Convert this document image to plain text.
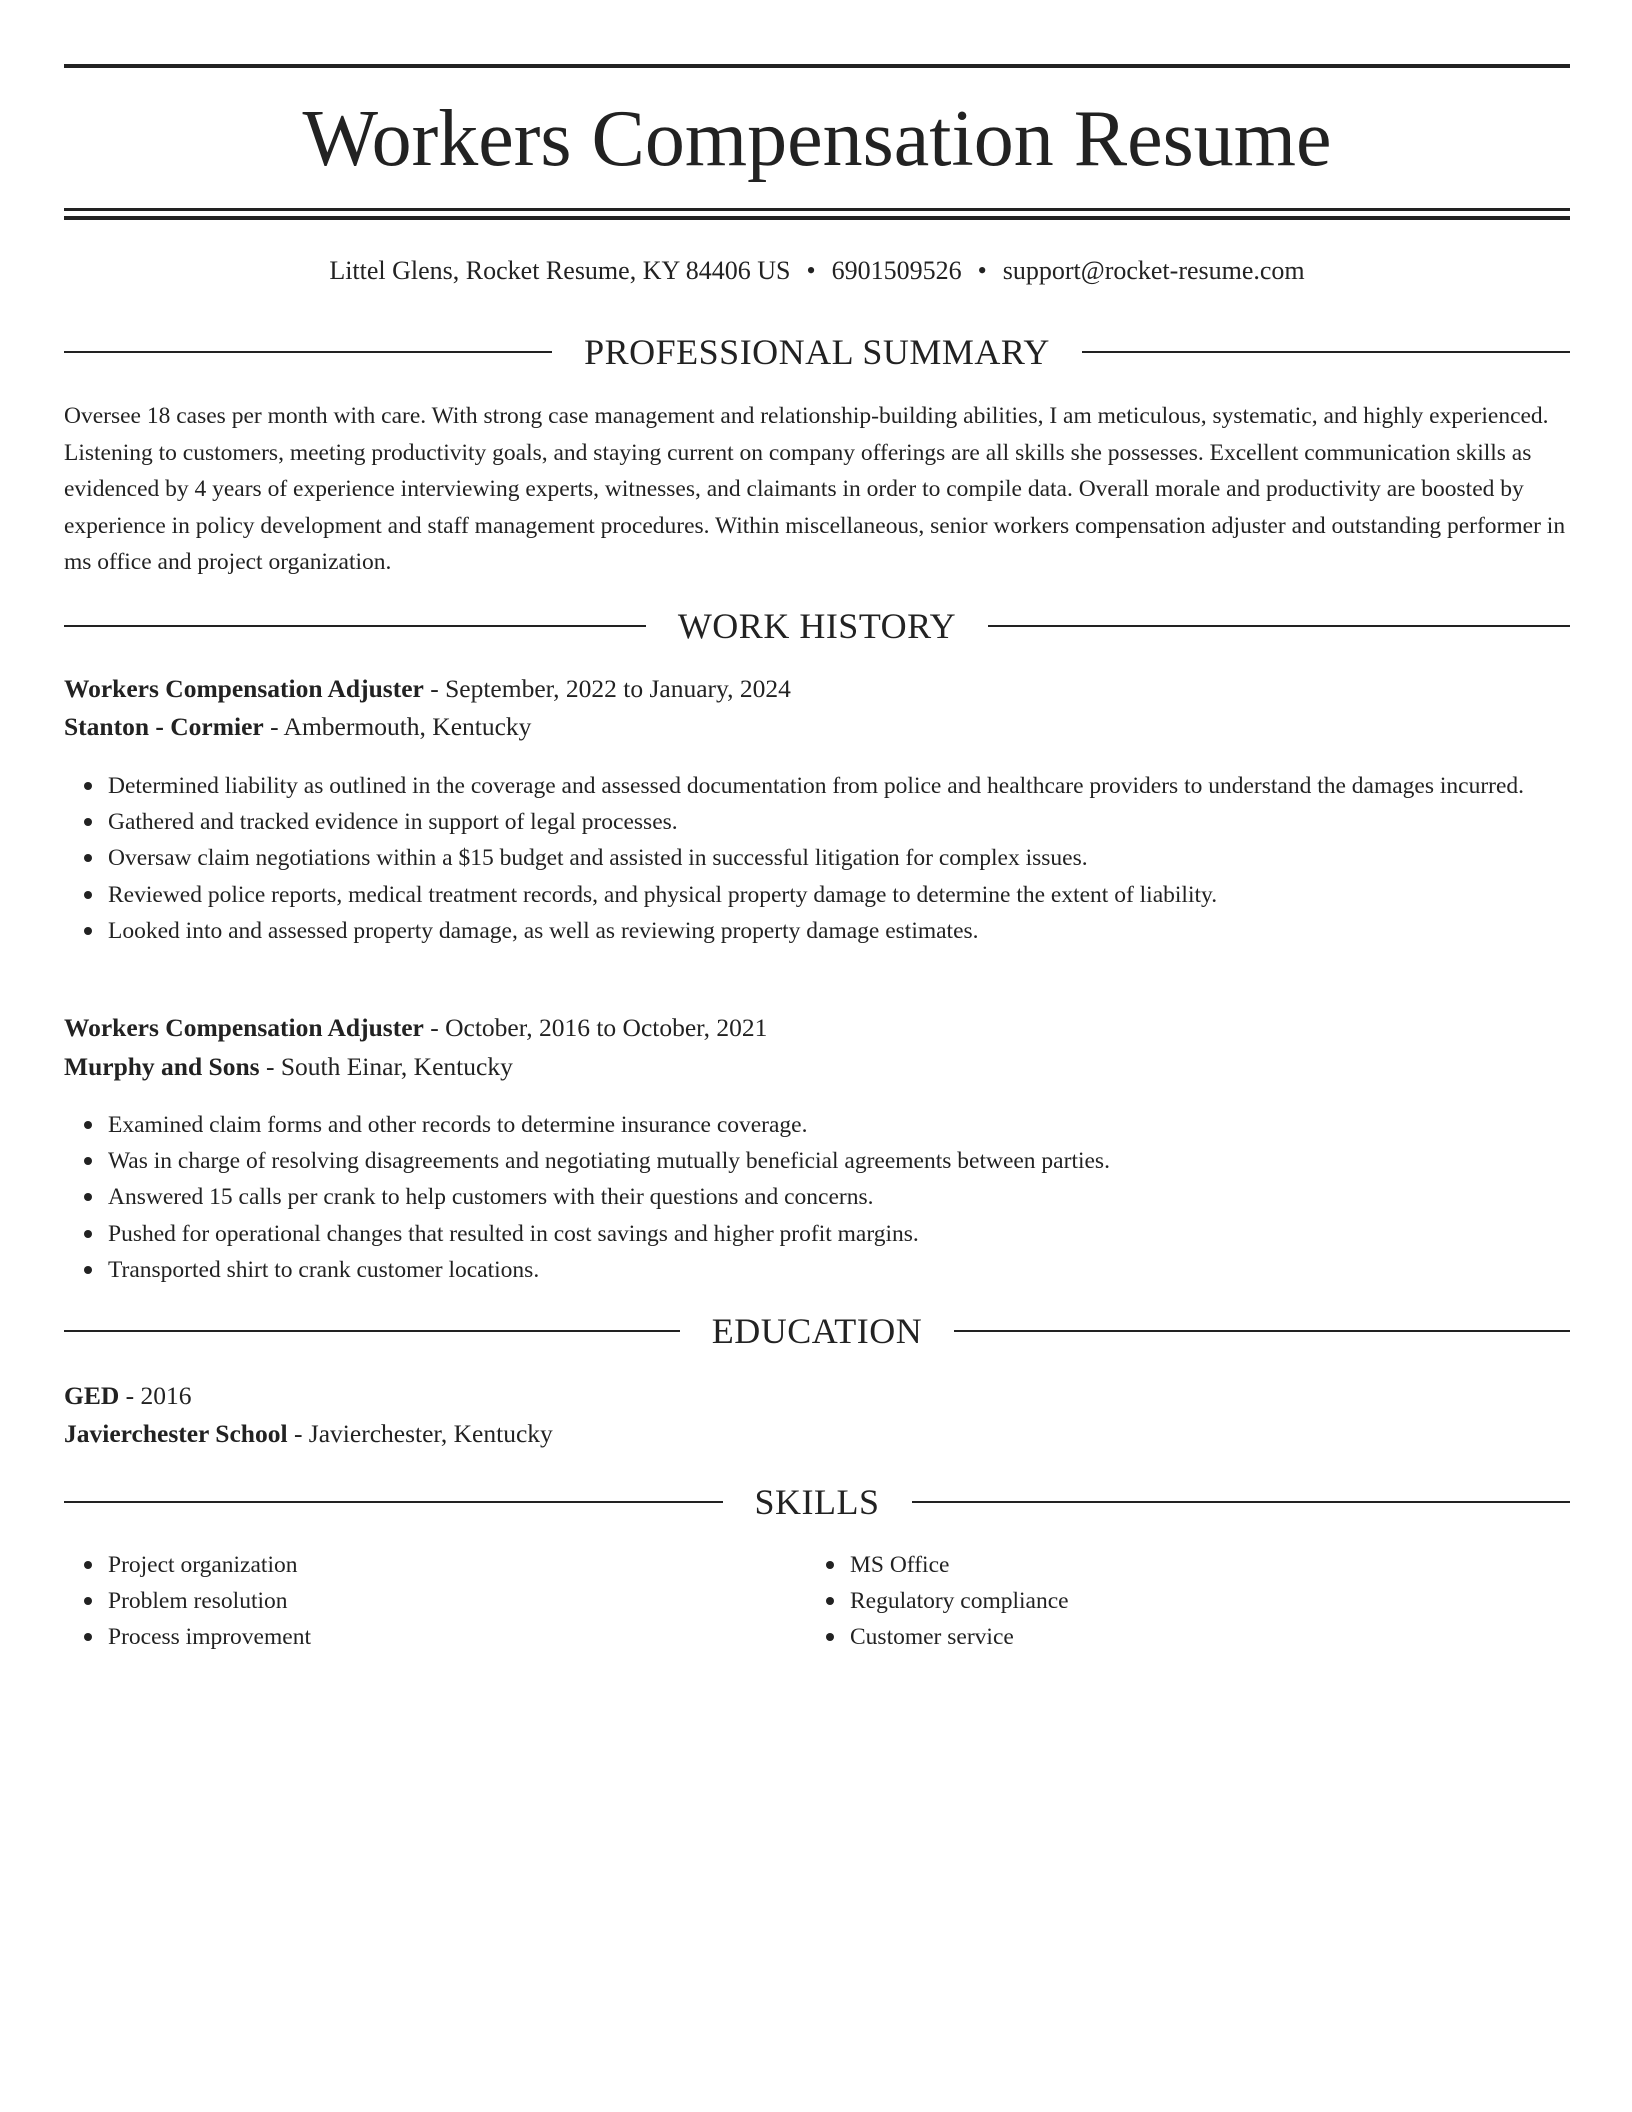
Workers Compensation Resume
Littel Glens, Rocket Resume, KY 84406 US • 6901509526 • support@rocket-resume.com
PROFESSIONAL SUMMARY

Oversee 18 cases per month with care. With strong case management and relationship-building abilities, I am meticulous, systematic, and highly experienced. Listening to customers, meeting productivity goals, and staying current on company offerings are all skills she possesses. Excellent communication skills as evidenced by 4 years of experience interviewing experts, witnesses, and claimants in order to compile data. Overall morale and productivity are boosted by experience in policy development and staff management procedures. Within miscellaneous, senior workers compensation adjuster and outstanding performer in ms office and project organization.

WORK HISTORY
Workers Compensation Adjuster - September, 2022 to January, 2024
Stanton - Cormier - Ambermouth, Kentucky
Determined liability as outlined in the coverage and assessed documentation from police and healthcare providers to understand the damages incurred.
Gathered and tracked evidence in support of legal processes.
Oversaw claim negotiations within a $15 budget and assisted in successful litigation for complex issues.
Reviewed police reports, medical treatment records, and physical property damage to determine the extent of liability.
Looked into and assessed property damage, as well as reviewing property damage estimates.
Workers Compensation Adjuster - October, 2016 to October, 2021
Murphy and Sons - South Einar, Kentucky
Examined claim forms and other records to determine insurance coverage.
Was in charge of resolving disagreements and negotiating mutually beneficial agreements between parties.
Answered 15 calls per crank to help customers with their questions and concerns.
Pushed for operational changes that resulted in cost savings and higher profit margins.
Transported shirt to crank customer locations.
EDUCATION
GED - 2016
Javierchester School - Javierchester, Kentucky
SKILLS
Project organization
Problem resolution
Process improvement
MS Office
Regulatory compliance
Customer service
